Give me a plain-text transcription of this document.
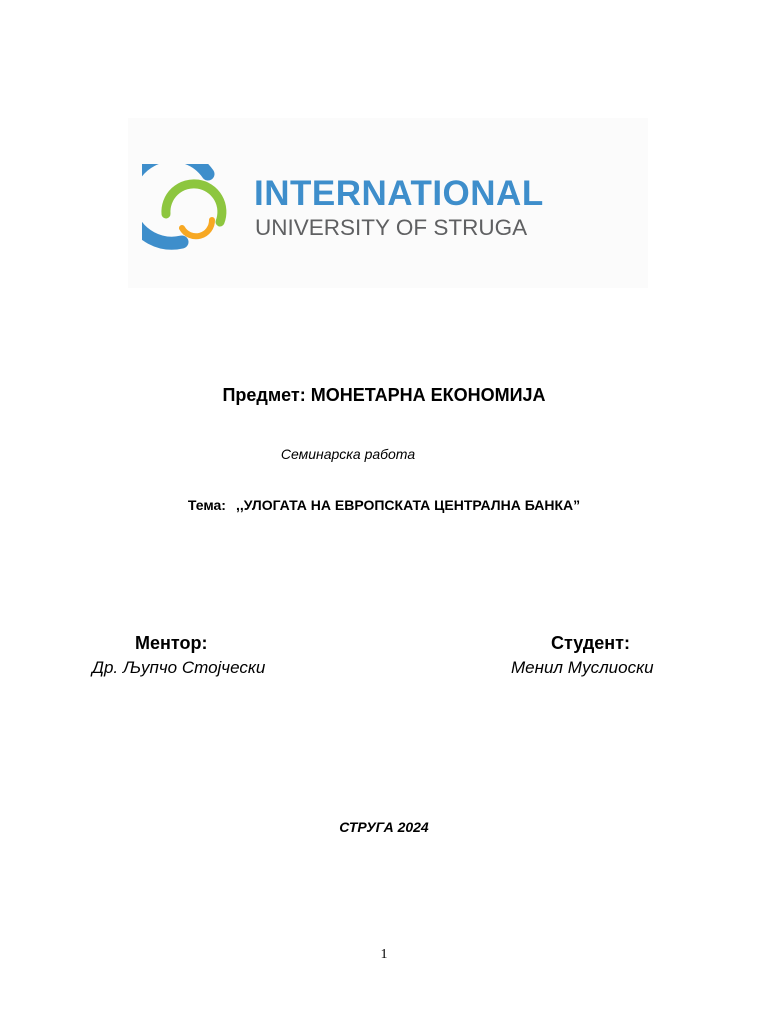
INTERNATIONAL
UNIVERSITY OF STRUGA
Предмет: МОНЕТАРНА ЕКОНОМИЈА
Семинарска работа
Тема: ,,УЛОГАТА НА ЕВРОПСКАТА ЦЕНТРАЛНА БАНКА”
Ментор:
Др. Љупчо Стојчески
Студент:
Менил Муслиоски
СТРУГА 2024
1
